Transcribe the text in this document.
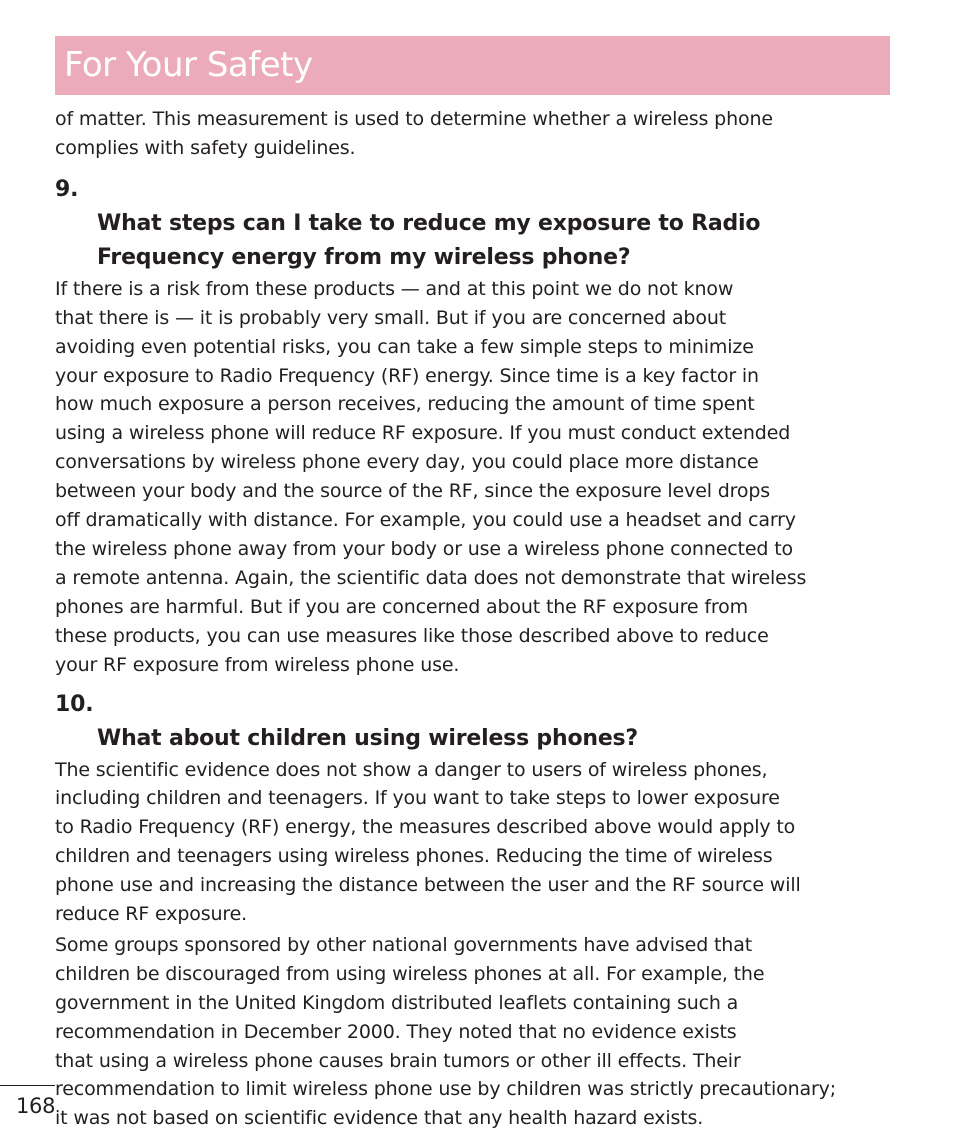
For Your Safety

of matter. This measurement is used to determine whether a wireless phone
complies with safety guidelines.

9.
What steps can I take to reduce my exposure to Radio
Frequency energy from my wireless phone?

If there is a risk from these products — and at this point we do not know
that there is — it is probably very small. But if you are concerned about
avoiding even potential risks, you can take a few simple steps to minimize
your exposure to Radio Frequency (RF) energy. Since time is a key factor in
how much exposure a person receives, reducing the amount of time spent
using a wireless phone will reduce RF exposure. If you must conduct extended
conversations by wireless phone every day, you could place more distance
between your body and the source of the RF, since the exposure level drops
off dramatically with distance. For example, you could use a headset and carry
the wireless phone away from your body or use a wireless phone connected to
a remote antenna. Again, the scientific data does not demonstrate that wireless
phones are harmful. But if you are concerned about the RF exposure from
these products, you can use measures like those described above to reduce
your RF exposure from wireless phone use.

10.
What about children using wireless phones?

The scientific evidence does not show a danger to users of wireless phones,
including children and teenagers. If you want to take steps to lower exposure
to Radio Frequency (RF) energy, the measures described above would apply to
children and teenagers using wireless phones. Reducing the time of wireless
phone use and increasing the distance between the user and the RF source will
reduce RF exposure.

Some groups sponsored by other national governments have advised that
children be discouraged from using wireless phones at all. For example, the
government in the United Kingdom distributed leaflets containing such a
recommendation in December 2000. They noted that no evidence exists
that using a wireless phone causes brain tumors or other ill effects. Their
recommendation to limit wireless phone use by children was strictly precautionary;
it was not based on scientific evidence that any health hazard exists.

168
